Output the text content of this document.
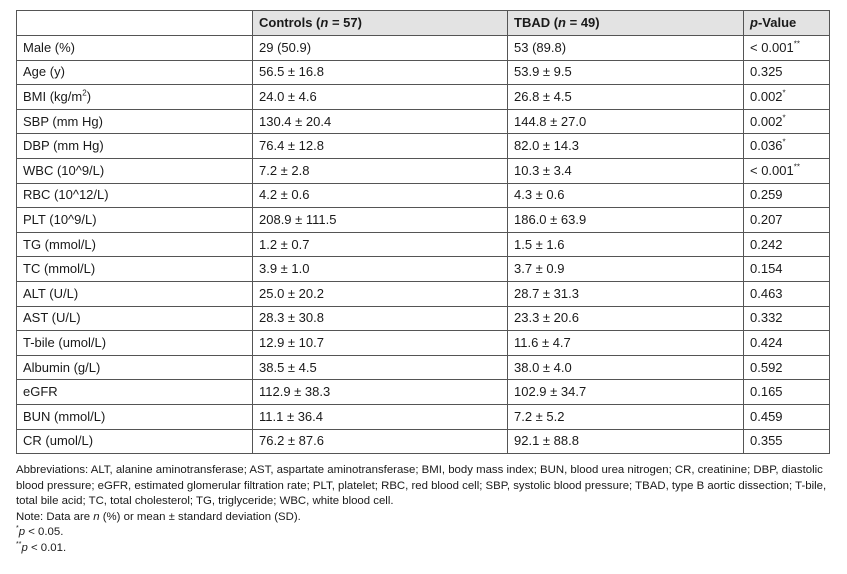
	Controls (n = 57)	TBAD (n = 49)	p-Value
Male (%)	29 (50.9)	53 (89.8)	< 0.001**
Age (y)	56.5 ± 16.8	53.9 ± 9.5	0.325
BMI $(kg/m^2)$	24.0 ± 4.6	26.8 ± 4.5	0.002*
SBP (mm Hg)	130.4 ± 20.4	144.8 ± 27.0	0.002*
DBP (mm Hg)	76.4 ± 12.8	82.0 ± 14.3	0.036*
WBC (10^9/L)	7.2 ± 2.8	10.3 ± 3.4	< 0.001**
RBC (10^12/L)	4.2 ± 0.6	4.3 ± 0.6	0.259
PLT (10^9/L)	208.9 ± 111.5	186.0 ± 63.9	0.207
TG (mmol/L)	1.2 ± 0.7	1.5 ± 1.6	0.242
TC (mmol/L)	3.9 ± 1.0	3.7 ± 0.9	0.154
ALT (U/L)	25.0 ± 20.2	28.7 ± 31.3	0.463
AST (U/L)	28.3 ± 30.8	23.3 ± 20.6	0.332
T-bile (umol/L)	12.9 ± 10.7	11.6 ± 4.7	0.424
Albumin (g/L)	38.5 ± 4.5	38.0 ± 4.0	0.592
eGFR	112.9 ± 38.3	102.9 ± 34.7	0.165
BUN (mmol/L)	11.1 ± 36.4	7.2 ± 5.2	0.459
CR (umol/L)	76.2 ± 87.6	92.1 ± 88.8	0.355

Abbreviations: ALT, alanine aminotransferase; AST, aspartate aminotransferase; BMI, body mass index; BUN, blood urea nitrogen; CR, creatinine; DBP, diastolic blood pressure; eGFR, estimated glomerular filtration rate; PLT, platelet; RBC, red blood cell; SBP, systolic blood pressure; TBAD, type B aortic dissection; T-bile, total bile acid; TC, total cholesterol; TG, triglyceride; WBC, white blood cell.

Note: Data are n (%) or mean ± standard deviation (SD).

*p < 0.05.

**p < 0.01.
